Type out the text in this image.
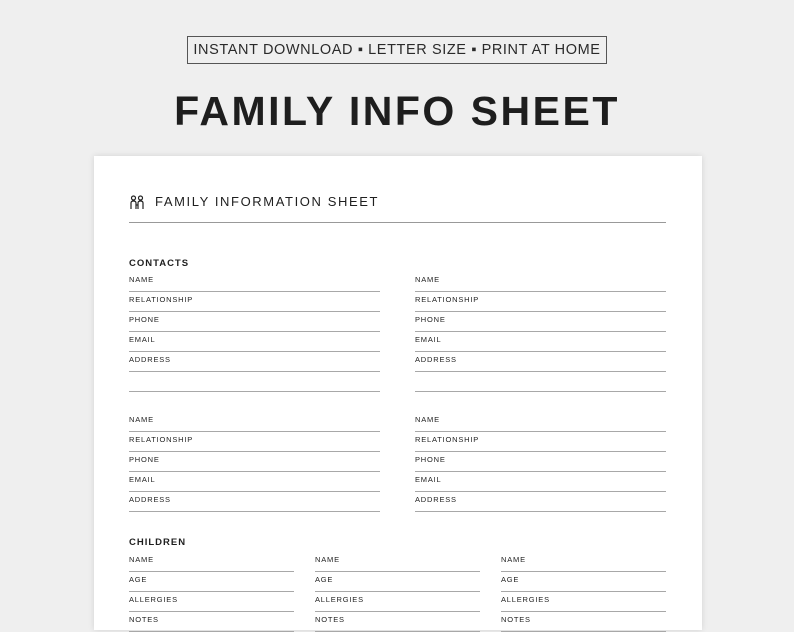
INSTANT DOWNLOAD ▪ LETTER SIZE ▪ PRINT AT HOME
FAMILY INFO SHEET
FAMILY INFORMATION SHEET
CONTACTS
NAME
RELATIONSHIP
PHONE
EMAIL
ADDRESS
NAME
RELATIONSHIP
PHONE
EMAIL
ADDRESS
NAME
RELATIONSHIP
PHONE
EMAIL
ADDRESS
NAME
RELATIONSHIP
PHONE
EMAIL
ADDRESS
CHILDREN
NAME
AGE
ALLERGIES
NOTES
NAME
AGE
ALLERGIES
NOTES
NAME
AGE
ALLERGIES
NOTES
